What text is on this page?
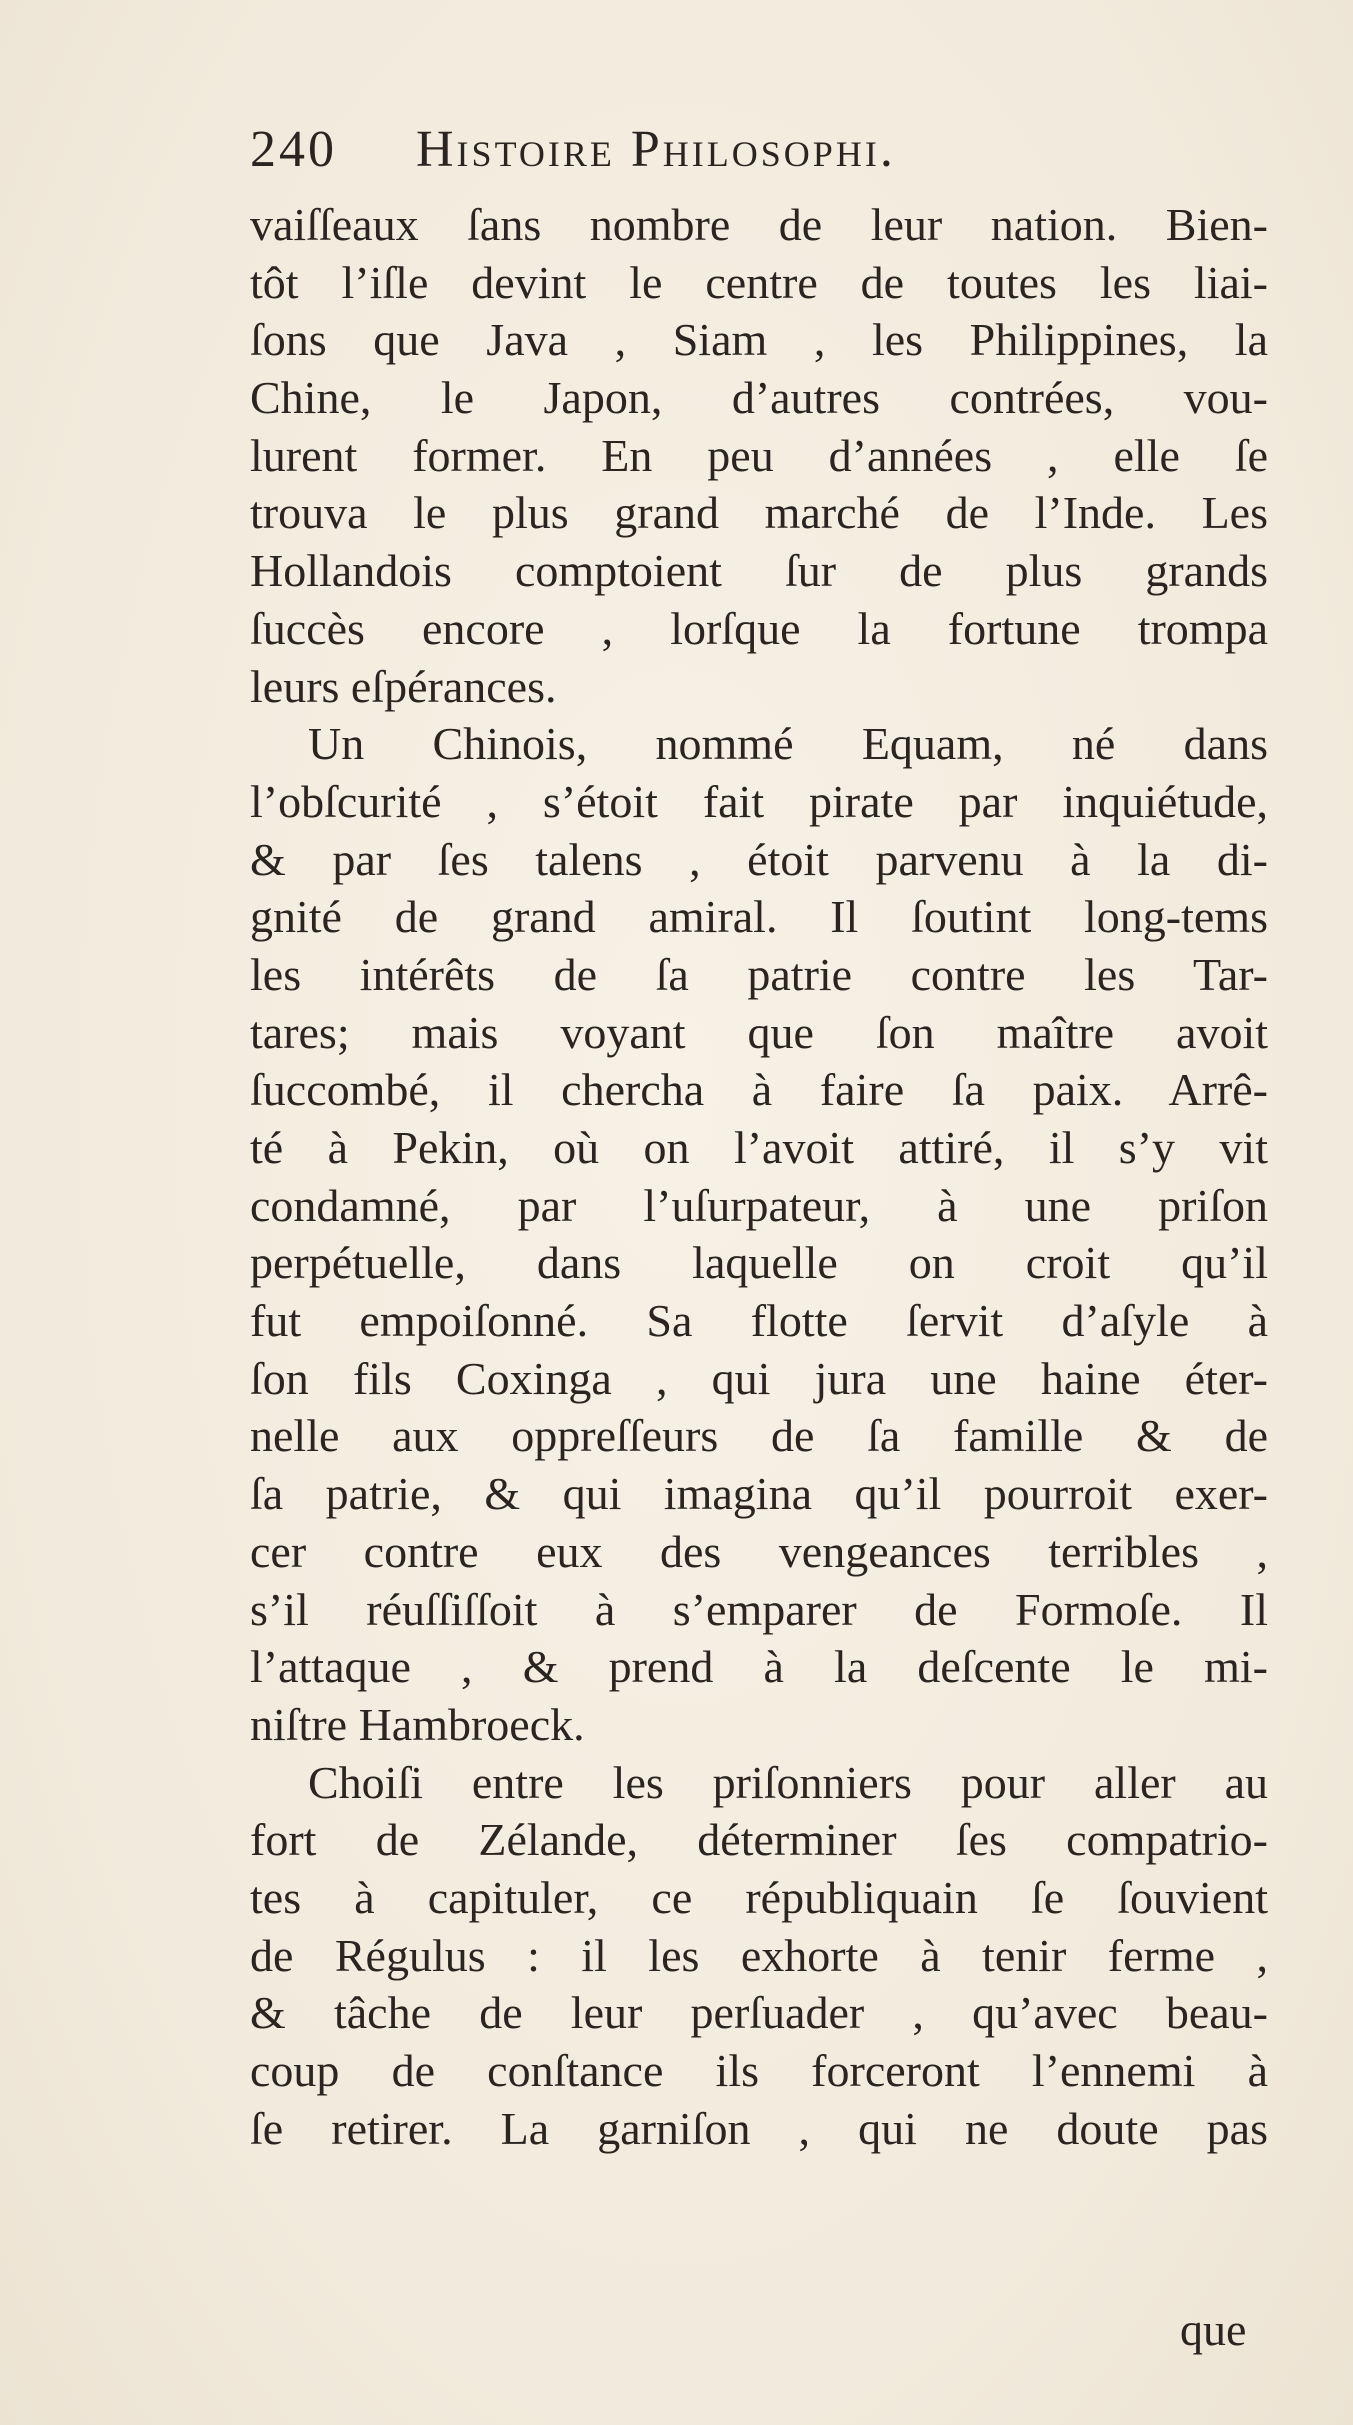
240 Histoire Philosophi.
vaiſſeaux ſans nombre de leur nation. Bien-
tôt l’iſle devint le centre de toutes les liai-
ſons que Java , Siam , les Philippines, la
Chine, le Japon, d’autres contrées, vou-
lurent former. En peu d’années , elle ſe
trouva le plus grand marché de l’Inde. Les
Hollandois comptoient ſur de plus grands
ſuccès encore , lorſque la fortune trompa
leurs eſpérances.
Un Chinois, nommé Equam, né dans
l’obſcurité , s’étoit fait pirate par inquiétude,
& par ſes talens , étoit parvenu à la di-
gnité de grand amiral. Il ſoutint long-tems
les intérêts de ſa patrie contre les Tar-
tares; mais voyant que ſon maître avoit
ſuccombé, il chercha à faire ſa paix. Arrê-
té à Pekin, où on l’avoit attiré, il s’y vit
condamné, par l’uſurpateur, à une priſon
perpétuelle, dans laquelle on croit qu’il
fut empoiſonné. Sa flotte ſervit d’aſyle à
ſon fils Coxinga , qui jura une haine éter-
nelle aux oppreſſeurs de ſa famille & de
ſa patrie, & qui imagina qu’il pourroit exer-
cer contre eux des vengeances terribles ,
s’il réuſſiſſoit à s’emparer de Formoſe. Il
l’attaque , & prend à la deſcente le mi-
niſtre Hambroeck.
Choiſi entre les priſonniers pour aller au
fort de Zélande, déterminer ſes compatrio-
tes à capituler, ce républiquain ſe ſouvient
de Régulus : il les exhorte à tenir ferme ,
& tâche de leur perſuader , qu’avec beau-
coup de conſtance ils forceront l’ennemi à
ſe retirer. La garniſon , qui ne doute pas
que
